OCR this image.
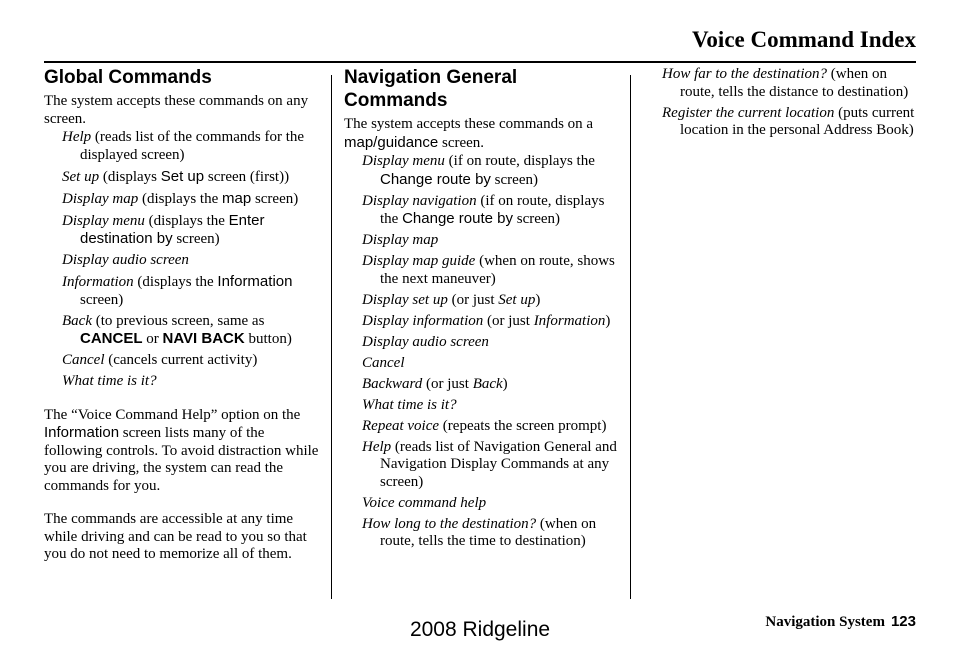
Voice Command Index
Global Commands

The system accepts these commands on any screen.

Help (reads list of the commands for the displayed screen)
Set up (displays Set up screen (first))
Display map (displays the map screen)
Display menu (displays the Enter destination by screen)
Display audio screen
Information (displays the Information screen)
Back (to previous screen, same as CANCEL or NAVI BACK button)
Cancel (cancels current activity)
What time is it?

The “Voice Command Help” option on the Information screen lists many of the following controls. To avoid distraction while you are driving, the system can read the commands for you.

The commands are accessible at any time while driving and can be read to you so that you do not need to memorize all of them.

Navigation General Commands

The system accepts these commands on a map/guidance screen.

Display menu (if on route, displays the Change route by screen)
Display navigation (if on route, displays the Change route by screen)
Display map
Display map guide (when on route, shows the next maneuver)
Display set up (or just Set up)
Display information (or just Information)
Display audio screen
Cancel
Backward (or just Back)
What time is it?
Repeat voice (repeats the screen prompt)
Help (reads list of Navigation General and Navigation Display Commands at any screen)
Voice command help
How long to the destination? (when on route, tells the time to destination)
How far to the destination? (when on route, tells the distance to destination)
Register the current location (puts current location in the personal Address Book)
Navigation System 123
2008 Ridgeline
